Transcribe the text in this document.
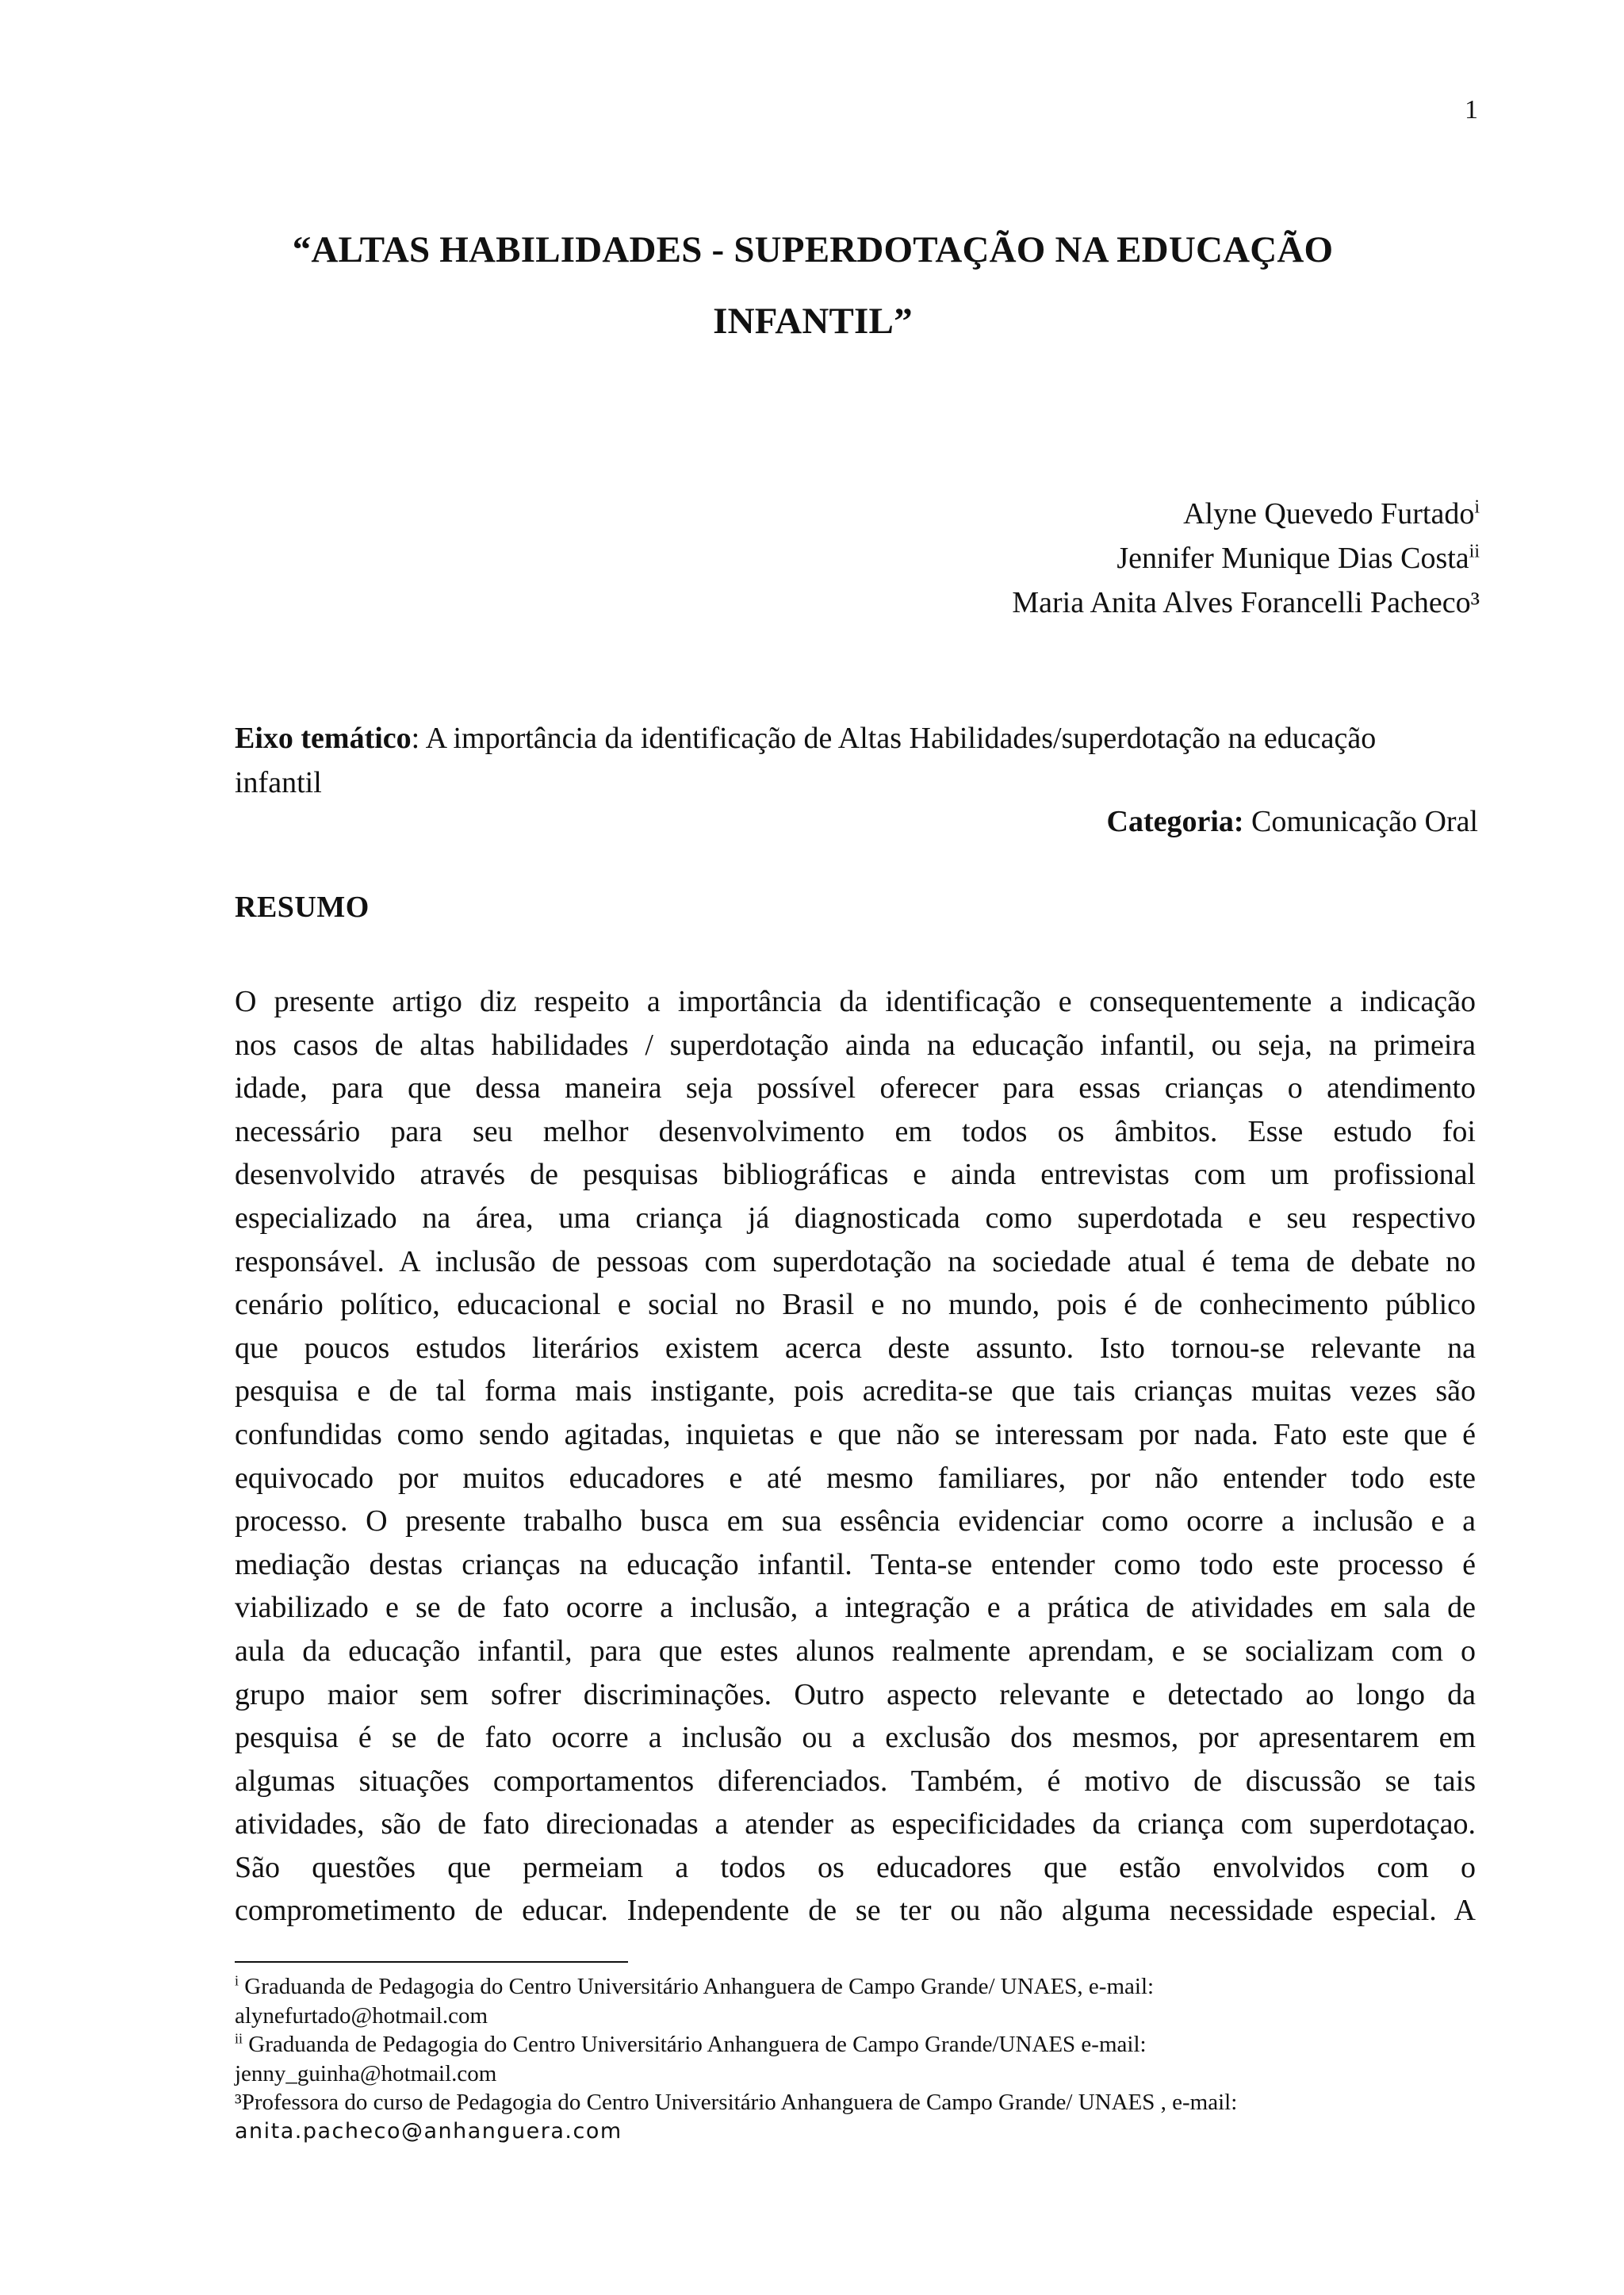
1
“ALTAS HABILIDADES - SUPERDOTAÇÃO NA EDUCAÇÃO
INFANTIL”
Alyne Quevedo Furtado$^i$
Jennifer Munique Dias Costa$^{ii}$
Maria Anita Alves Forancelli Pacheco³
Eixo temático: A importância da identificação de Altas Habilidades/superdotação na educação infantil
Categoria: Comunicação Oral
RESUMO
O presente artigo diz respeito a importância da identificação e consequentemente a indicação
nos casos de altas habilidades / superdotação ainda na educação infantil, ou seja, na primeira
idade, para que dessa maneira seja possível oferecer para essas crianças o atendimento
necessário para seu melhor desenvolvimento em todos os âmbitos. Esse estudo foi
desenvolvido através de pesquisas bibliográficas e ainda entrevistas com um profissional
especializado na área, uma criança já diagnosticada como superdotada e seu respectivo
responsável. A inclusão de pessoas com superdotação na sociedade atual é tema de debate no
cenário político, educacional e social no Brasil e no mundo, pois é de conhecimento público
que poucos estudos literários existem acerca deste assunto. Isto tornou-se relevante na
pesquisa e de tal forma mais instigante, pois acredita-se que tais crianças muitas vezes são
confundidas como sendo agitadas, inquietas e que não se interessam por nada. Fato este que é
equivocado por muitos educadores e até mesmo familiares, por não entender todo este
processo. O presente trabalho busca em sua essência evidenciar como ocorre a inclusão e a
mediação destas crianças na educação infantil. Tenta-se entender como todo este processo é
viabilizado e se de fato ocorre a inclusão, a integração e a prática de atividades em sala de
aula da educação infantil, para que estes alunos realmente aprendam, e se socializam com o
grupo maior sem sofrer discriminações. Outro aspecto relevante e detectado ao longo da
pesquisa é se de fato ocorre a inclusão ou a exclusão dos mesmos, por apresentarem em
algumas situações comportamentos diferenciados. Também, é motivo de discussão se tais
atividades, são de fato direcionadas a atender as especificidades da criança com superdotaçao.
São questões que permeiam a todos os educadores que estão envolvidos com o
comprometimento de educar. Independente de se ter ou não alguma necessidade especial. A
$^i$ Graduanda de Pedagogia do Centro Universitário Anhanguera de Campo Grande/ UNAES, e-mail:
alynefurtado@hotmail.com
$^{ii}$ Graduanda de Pedagogia do Centro Universitário Anhanguera de Campo Grande/UNAES e-mail:
jenny_guinha@hotmail.com
³Professora do curso de Pedagogia do Centro Universitário Anhanguera de Campo Grande/ UNAES , e-mail:
anita.pacheco@anhanguera.com
